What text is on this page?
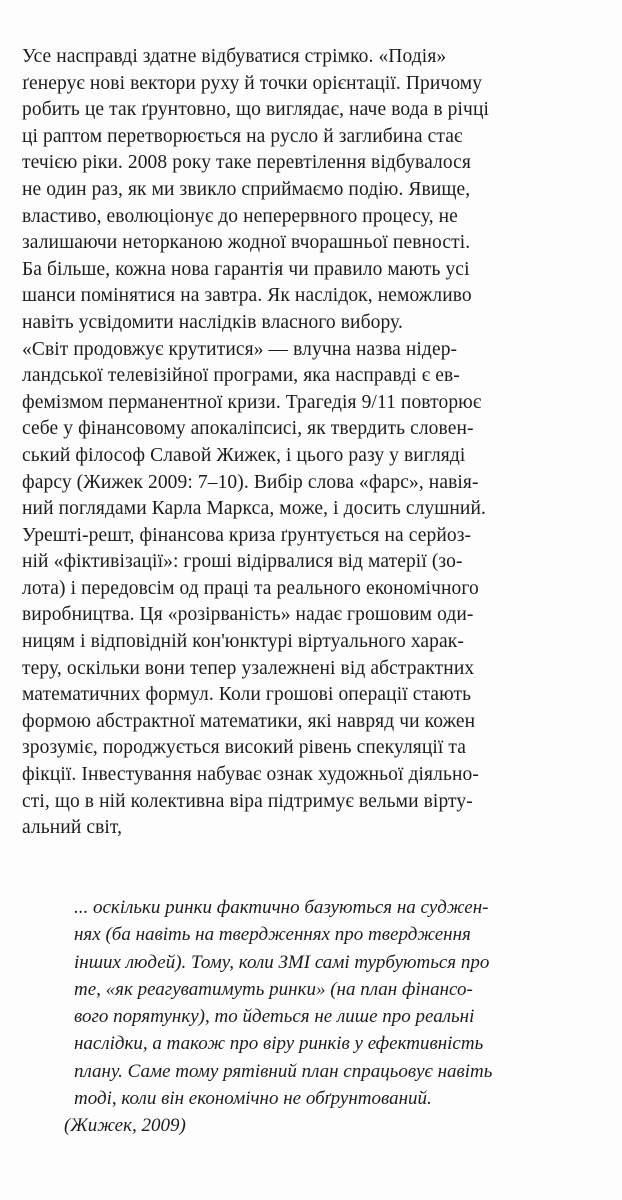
Усе насправді здатне відбуватися стрімко. «Подія»
ґенерує нові вектори руху й точки орієнтації. Причому
робить це так ґрунтовно, що виглядає, наче вода в річці
ці раптом перетворюється на русло й заглибина стає
течією ріки. 2008 року таке перевтілення відбувалося
не один раз, як ми звикло сприймаємо подію. Явище,
властиво, еволюціонує до неперервного процесу, не
залишаючи неторканою жодної вчорашньої певності.
Ба більше, кожна нова гарантія чи правило мають усі
шанси помінятися на завтра. Як наслідок, неможливо
навіть усвідомити наслідків власного вибору.
«Світ продовжує крутитися» — влучна назва нідер-
ландської телевізійної програми, яка насправді є ев-
фемізмом перманентної кризи. Трагедія 9/11 повторює
себе у фінансовому апокаліпсисі, як твердить словен-
ський філософ Славой Жижек, і цього разу у вигляді
фарсу (Жижек 2009: 7–10). Вибір слова «фарс», навія-
ний поглядами Карла Маркса, може, і досить слушний.
Урешті-решт, фінансова криза ґрунтується на серйоз-
ній «фіктивізації»: гроші відірвалися від матерії (зо-
лота) і передовсім од праці та реального економічного
виробництва. Ця «розірваність» надає грошовим оди-
ницям і відповідній кон'юнктурі віртуального харак-
теру, оскільки вони тепер узалежнені від абстрактних
математичних формул. Коли грошові операції стають
формою абстрактної математики, які навряд чи кожен
зрозуміє, породжується високий рівень спекуляції та
фікції. Інвестування набуває ознак художньої діяльно-
сті, що в ній колективна віра підтримує вельми вірту-
альний світ,
... оскільки ринки фактично базуються на суджен-
нях (ба навіть на твердженнях про твердження
інших людей). Тому, коли ЗМІ самі турбуються про
те, «як реагуватимуть ринки» (на план фінансо-
вого порятунку), то йдеться не лише про реальні
наслідки, а також про віру ринків у ефективність
плану. Саме тому рятівний план спрацьовує навіть
тоді, коли він економічно не обґрунтований.
(Жижек, 2009)
